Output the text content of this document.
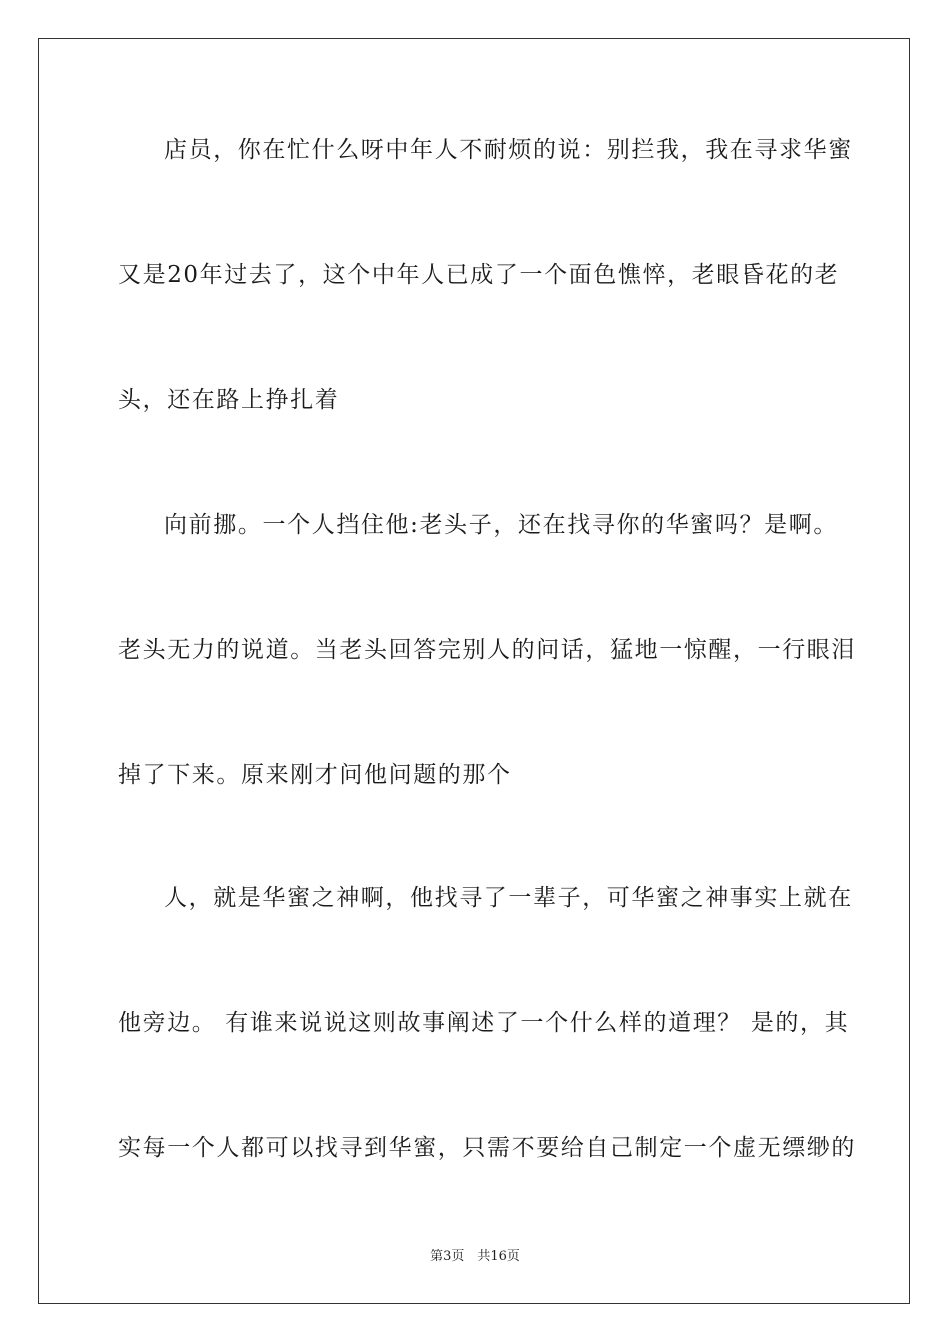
店员，你在忙什么呀中年人不耐烦的说：别拦我，我在寻求华蜜
又是20年过去了，这个中年人已成了一个面色憔悴，老眼昏花的老
头，还在路上挣扎着
向前挪。一个人挡住他:老头子，还在找寻你的华蜜吗？是啊。
老头无力的说道。当老头回答完别人的问话，猛地一惊醒，一行眼泪
掉了下来。原来刚才问他问题的那个
人，就是华蜜之神啊，他找寻了一辈子，可华蜜之神事实上就在
他旁边。 有谁来说说这则故事阐述了一个什么样的道理？ 是的，其
实每一个人都可以找寻到华蜜，只需不要给自己制定一个虚无缥缈的
第3页　共16页
